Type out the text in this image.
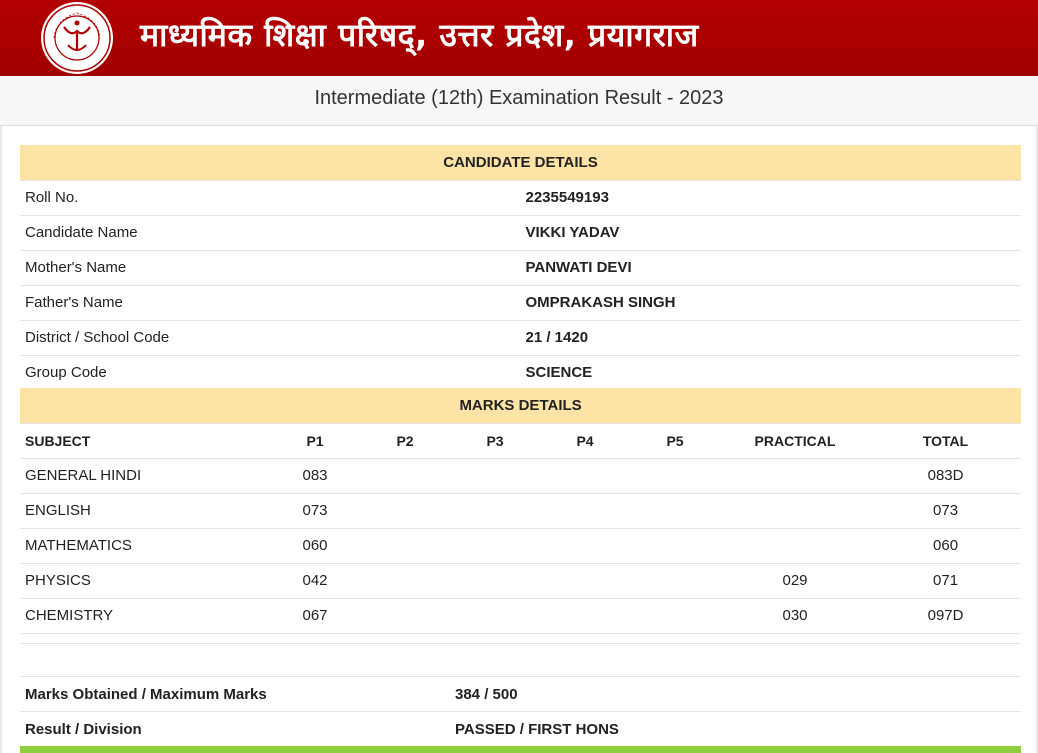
माध्यमिक शिक्षा परिषद्, उत्तर प्रदेश, प्रयागराज
Intermediate (12th) Examination Result - 2023
CANDIDATE DETAILS	
Roll No.	2235549193
Candidate Name	VIKKI YADAV
Mother's Name	PANWATI DEVI
Father's Name	OMPRAKASH SINGH
District / School Code	21 / 1420
Group Code	SCIENCE
MARKS DETAILS							
SUBJECT	P1	P2	P3	P4	P5	PRACTICAL	TOTAL
GENERAL HINDI	083						083D
ENGLISH	073						073
MATHEMATICS	060						060
PHYSICS	042					029	071
CHEMISTRY	067					030	097D

Marks Obtained / Maximum Marks	384 / 500
Result / Division	PASSED / FIRST HONS
